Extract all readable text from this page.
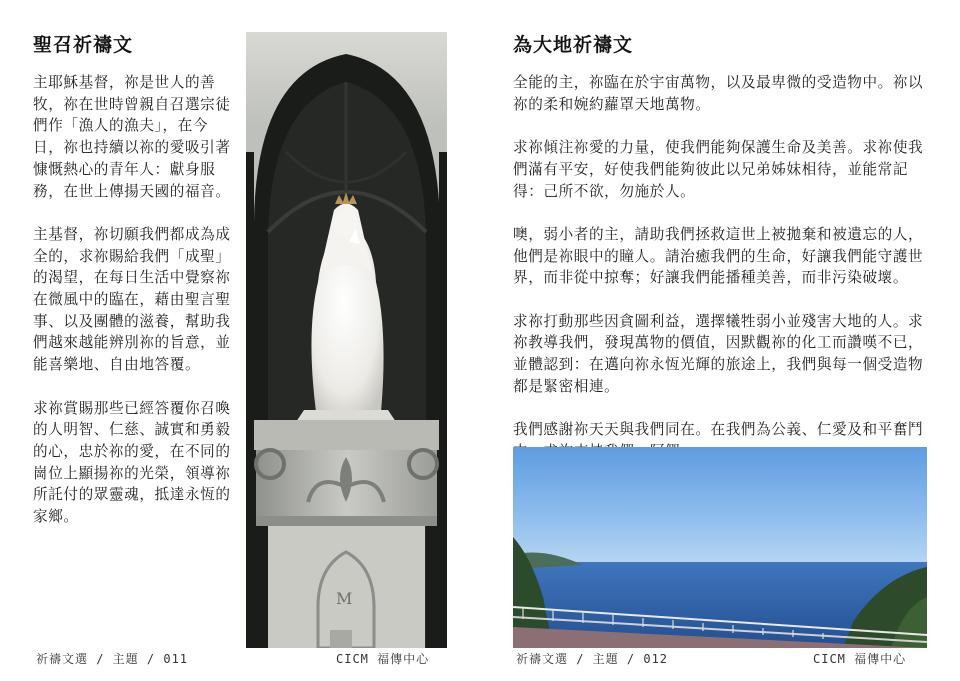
聖召祈禱文

主耶穌基督，祢是世人的善牧，祢在世時曾親自召選宗徒們作「漁人的漁夫」，在今日，祢也持續以祢的愛吸引著慷慨熱心的青年人：獻身服務，在世上傳揚天國的福音。

主基督，祢切願我們都成為成全的，求祢賜給我們「成聖」的渴望，在每日生活中覺察祢在微風中的臨在，藉由聖言聖事、以及團體的滋養，幫助我們越來越能辨別祢的旨意，並能喜樂地、自由地答覆。

求祢賞賜那些已經答覆你召喚的人明智、仁慈、誠實和勇毅的心，忠於祢的愛，在不同的崗位上顯揚祢的光榮，領導祢所託付的眾靈魂，抵達永恆的家鄉。

M
祈禱文選 / 主題 / 011	CICM 福傳中心
為大地祈禱文

全能的主，祢臨在於宇宙萬物，以及最卑微的受造物中。祢以祢的柔和婉約蘿罩天地萬物。

求祢傾注祢愛的力量，使我們能夠保護生命及美善。求祢使我們滿有平安，好使我們能夠彼此以兄弟姊妹相待，並能常記得：己所不欲，勿施於人。

噢，弱小者的主，請助我們拯救這世上被拋棄和被遺忘的人，他們是祢眼中的瞳人。請治癒我們的生命，好讓我們能守護世界，而非從中掠奪；好讓我們能播種美善，而非污染破壞。

求祢打動那些因貪圖利益，選擇犧牲弱小並殘害大地的人。求祢教導我們，發現萬物的價值，因默觀祢的化工而讚嘆不已，並體認到：在邁向祢永恆光輝的旅途上，我們與每一個受造物都是緊密相連。

我們感謝祢天天與我們同在。在我們為公義、仁愛及和平奮鬥

祈禱文選 / 主題 / 012	CICM 福傳中心
